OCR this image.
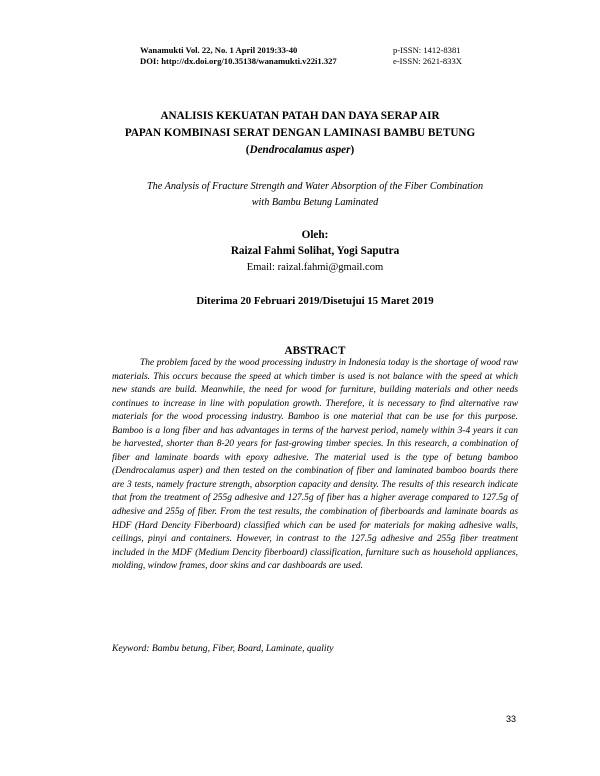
Wanamukti Vol. 22, No. 1 April 2019:33-40
DOI: http://dx.doi.org/10.35138/wanamukti.v22i1.327
p-ISSN: 1412-8381
e-ISSN: 2621-833X
ANALISIS KEKUATAN PATAH DAN DAYA SERAP AIR
PAPAN KOMBINASI SERAT DENGAN LAMINASI BAMBU BETUNG
(Dendrocalamus asper)
The Analysis of Fracture Strength and Water Absorption of the Fiber Combination
with Bambu Betung Laminated
Oleh:
Raizal Fahmi Solihat, Yogi Saputra
Email: raizal.fahmi@gmail.com
Diterima 20 Februari 2019/Disetujui 15 Maret 2019
ABSTRACT
The problem faced by the wood processing industry in Indonesia today is the shortage of wood raw materials. This occurs because the speed at which timber is used is not balance with the speed at which new stands are build. Meanwhile, the need for wood for furniture, building materials and other needs continues to increase in line with population growth. Therefore, it is necessary to find alternative raw materials for the wood processing industry. Bamboo is one material that can be use for this purpose. Bamboo is a long fiber and has advantages in terms of the harvest period, namely within 3-4 years it can be harvested, shorter than 8-20 years for fast-growing timber species. In this research, a combination of fiber and laminate boards with epoxy adhesive. The material used is the type of betung bamboo (Dendrocalamus asper) and then tested on the combination of fiber and laminated bamboo boards there are 3 tests, namely fracture strength, absorption capacity and density. The results of this research indicate that from the treatment of 255g adhesive and 127.5g of fiber has a higher average compared to 127.5g of adhesive and 255g of fiber. From the test results, the combination of fiberboards and laminate boards as HDF (Hard Dencity Fiberboard) classified which can be used for materials for making adhesive walls, ceilings, pinyi and containers. However, in contrast to the 127.5g adhesive and 255g fiber treatment included in the MDF (Medium Dencity fiberboard) classification, furniture such as household appliances, molding, window frames, door skins and car dashboards are used.
Keyword: Bambu betung, Fiber, Board, Laminate, quality
33
